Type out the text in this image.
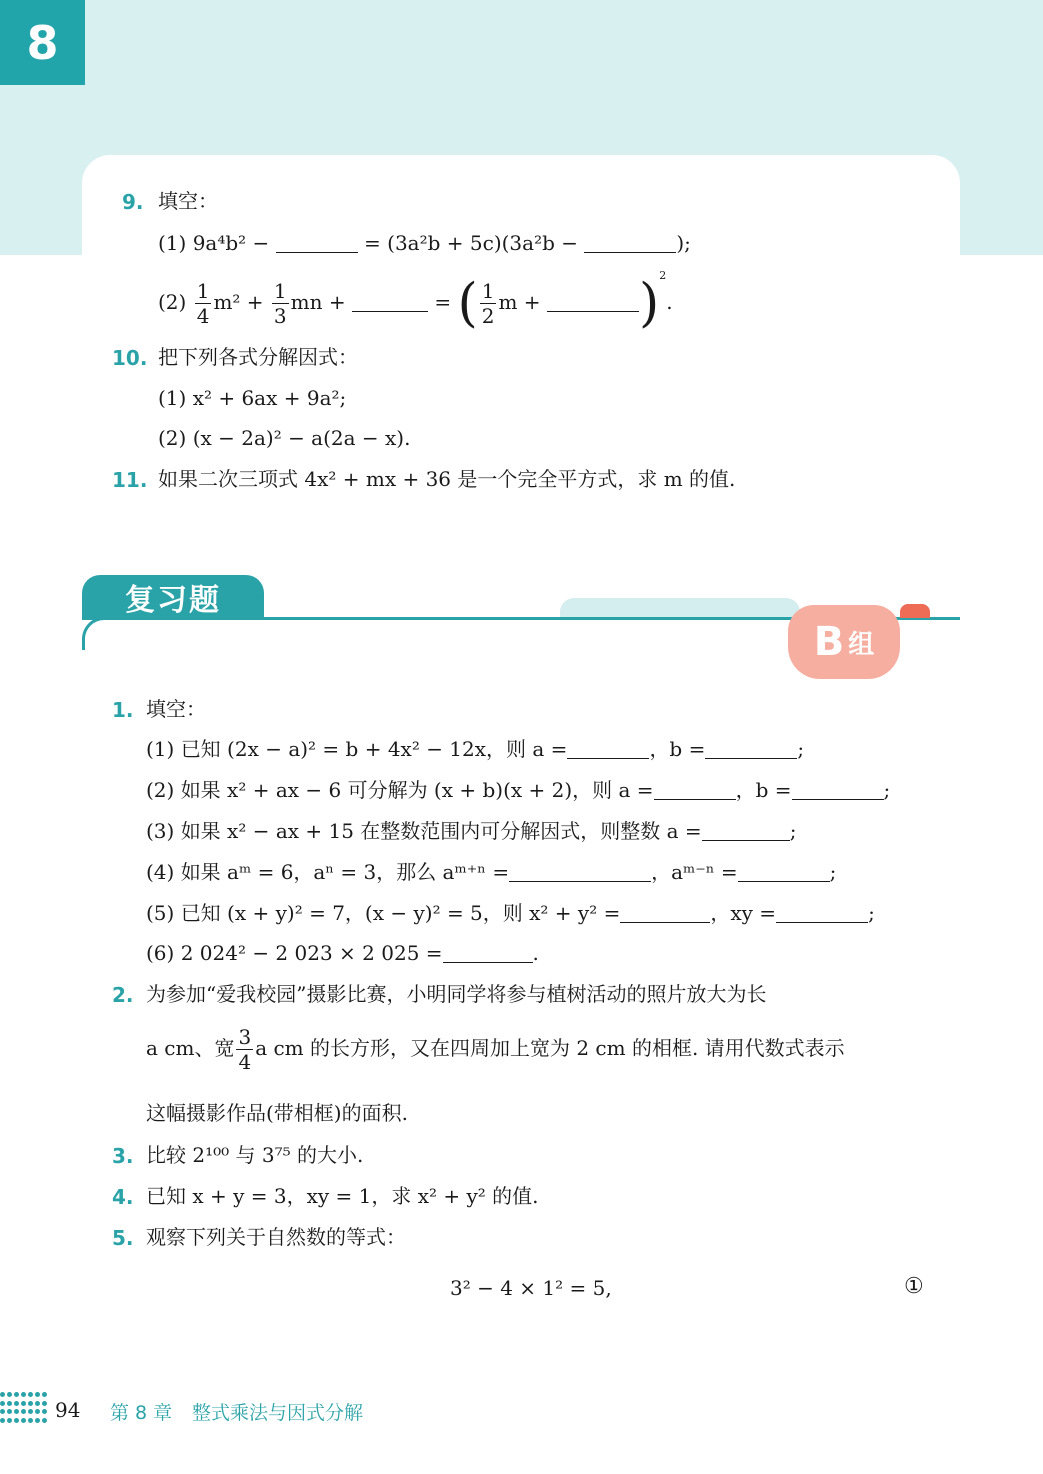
8
9. 填空：
(1) 9a⁴b² −	= (3a²b + 5c)(3a²b −	);
$(2) \frac{1}{4} m^2 + \frac{1}{3}$ mn +	= ( $\frac{1}{2}$ m + )$^2$.
10. 把下列各式分解因式：
(1) x² + 6ax + 9a²;
(2) (x − 2a)² − a(2a − x).
11. 如果二次三项式 4x² + mx + 36 是一个完全平方式，求 m 的值.
复习题
B 组
1. 填空：
(1) 已知 (2x − a)² = b + 4x² − 12x，则 a =	，b =	;
(2) 如果 x² + ax − 6 可分解为 (x + b)(x + 2)，则 a =	，b =	;
(3) 如果 x² − ax + 15 在整数范围内可分解因式，则整数 a =	;
(4) 如果 aᵐ = 6，aⁿ = 3，那么 aᵐ⁺ⁿ =	，aᵐ⁻ⁿ =	;
(5) 已知 (x + y)² = 7，(x − y)² = 5，则 x² + y² =	，xy =	;
(6) 2 024² − 2 023 × 2 025 =	.
2. 为参加“爱我校园”摄影比赛，小明同学将参与植树活动的照片放大为长
a cm、宽 $\frac{3}{4}$ a cm 的长方形，又在四周加上宽为 2 cm 的相框. 请用代数式表示
这幅摄影作品(带相框)的面积.
3. 比较 2¹⁰⁰ 与 3⁷⁵ 的大小.
4. 已知 x + y = 3，xy = 1，求 x² + y² 的值.
5. 观察下列关于自然数的等式：
3² − 4 × 1² = 5,	①
94 第 8 章 整式乘法与因式分解
